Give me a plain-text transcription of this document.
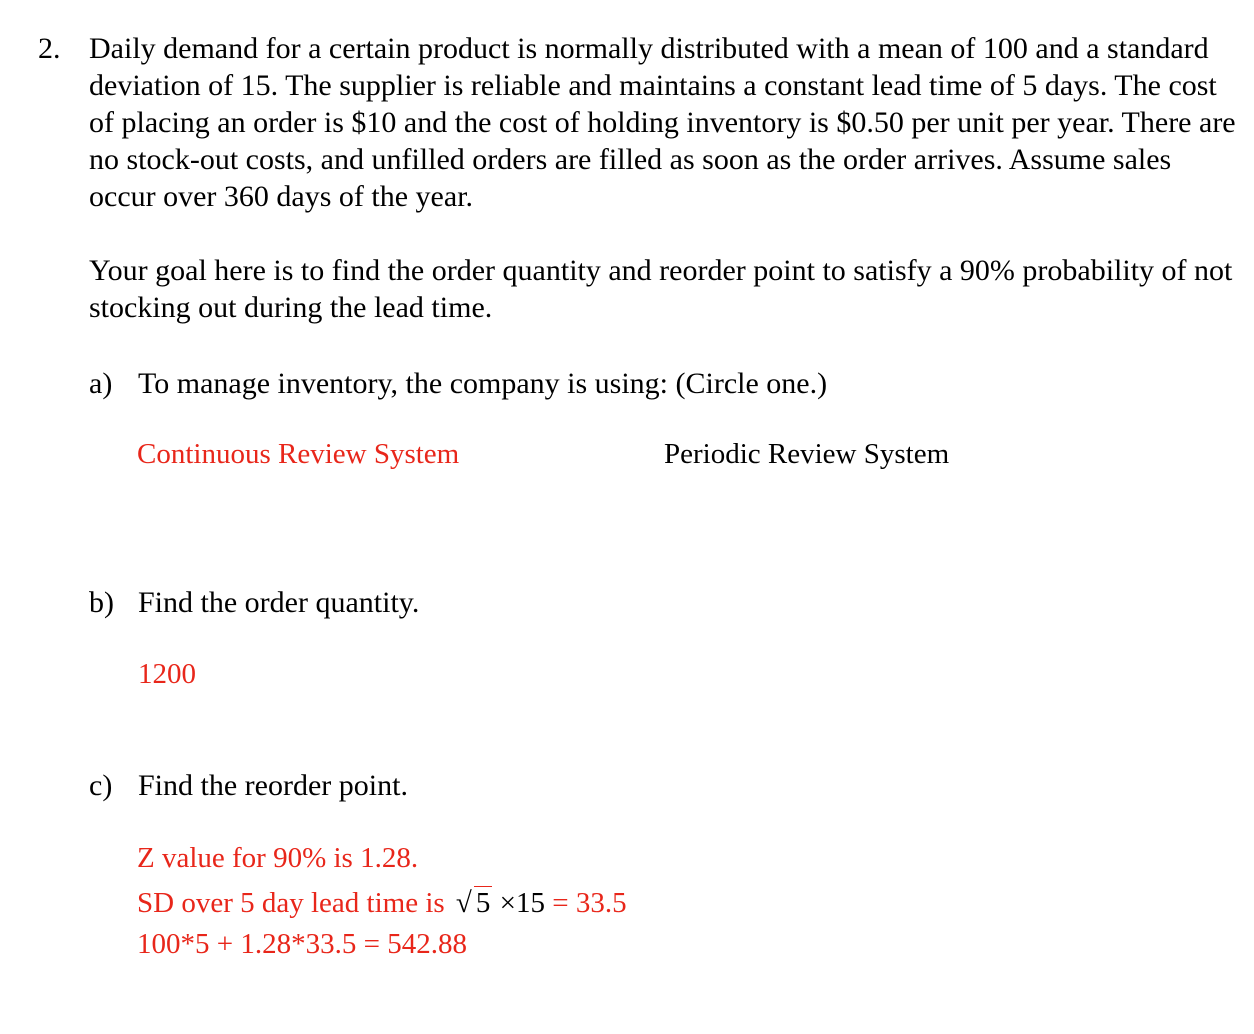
2. Daily demand for a certain product is normally distributed with a mean of 100 and a standard deviation of 15. The supplier is reliable and maintains a constant lead time of 5 days. The cost of placing an order is $10 and the cost of holding inventory is $0.50 per unit per year. There are no stock-out costs, and unfilled orders are filled as soon as the order arrives. Assume sales occur over 360 days of the year.
Your goal here is to find the order quantity and reorder point to satisfy a 90% probability of not stocking out during the lead time.
a) To manage inventory, the company is using: (Circle one.)
Continuous Review System	Periodic Review System
b) Find the order quantity.
1200
c) Find the reorder point.
Z value for 90% is 1.28.
SD over 5 day lead time is √ 5 ×15 = 33.5
100*5 + 1.28*33.5 = 542.88
